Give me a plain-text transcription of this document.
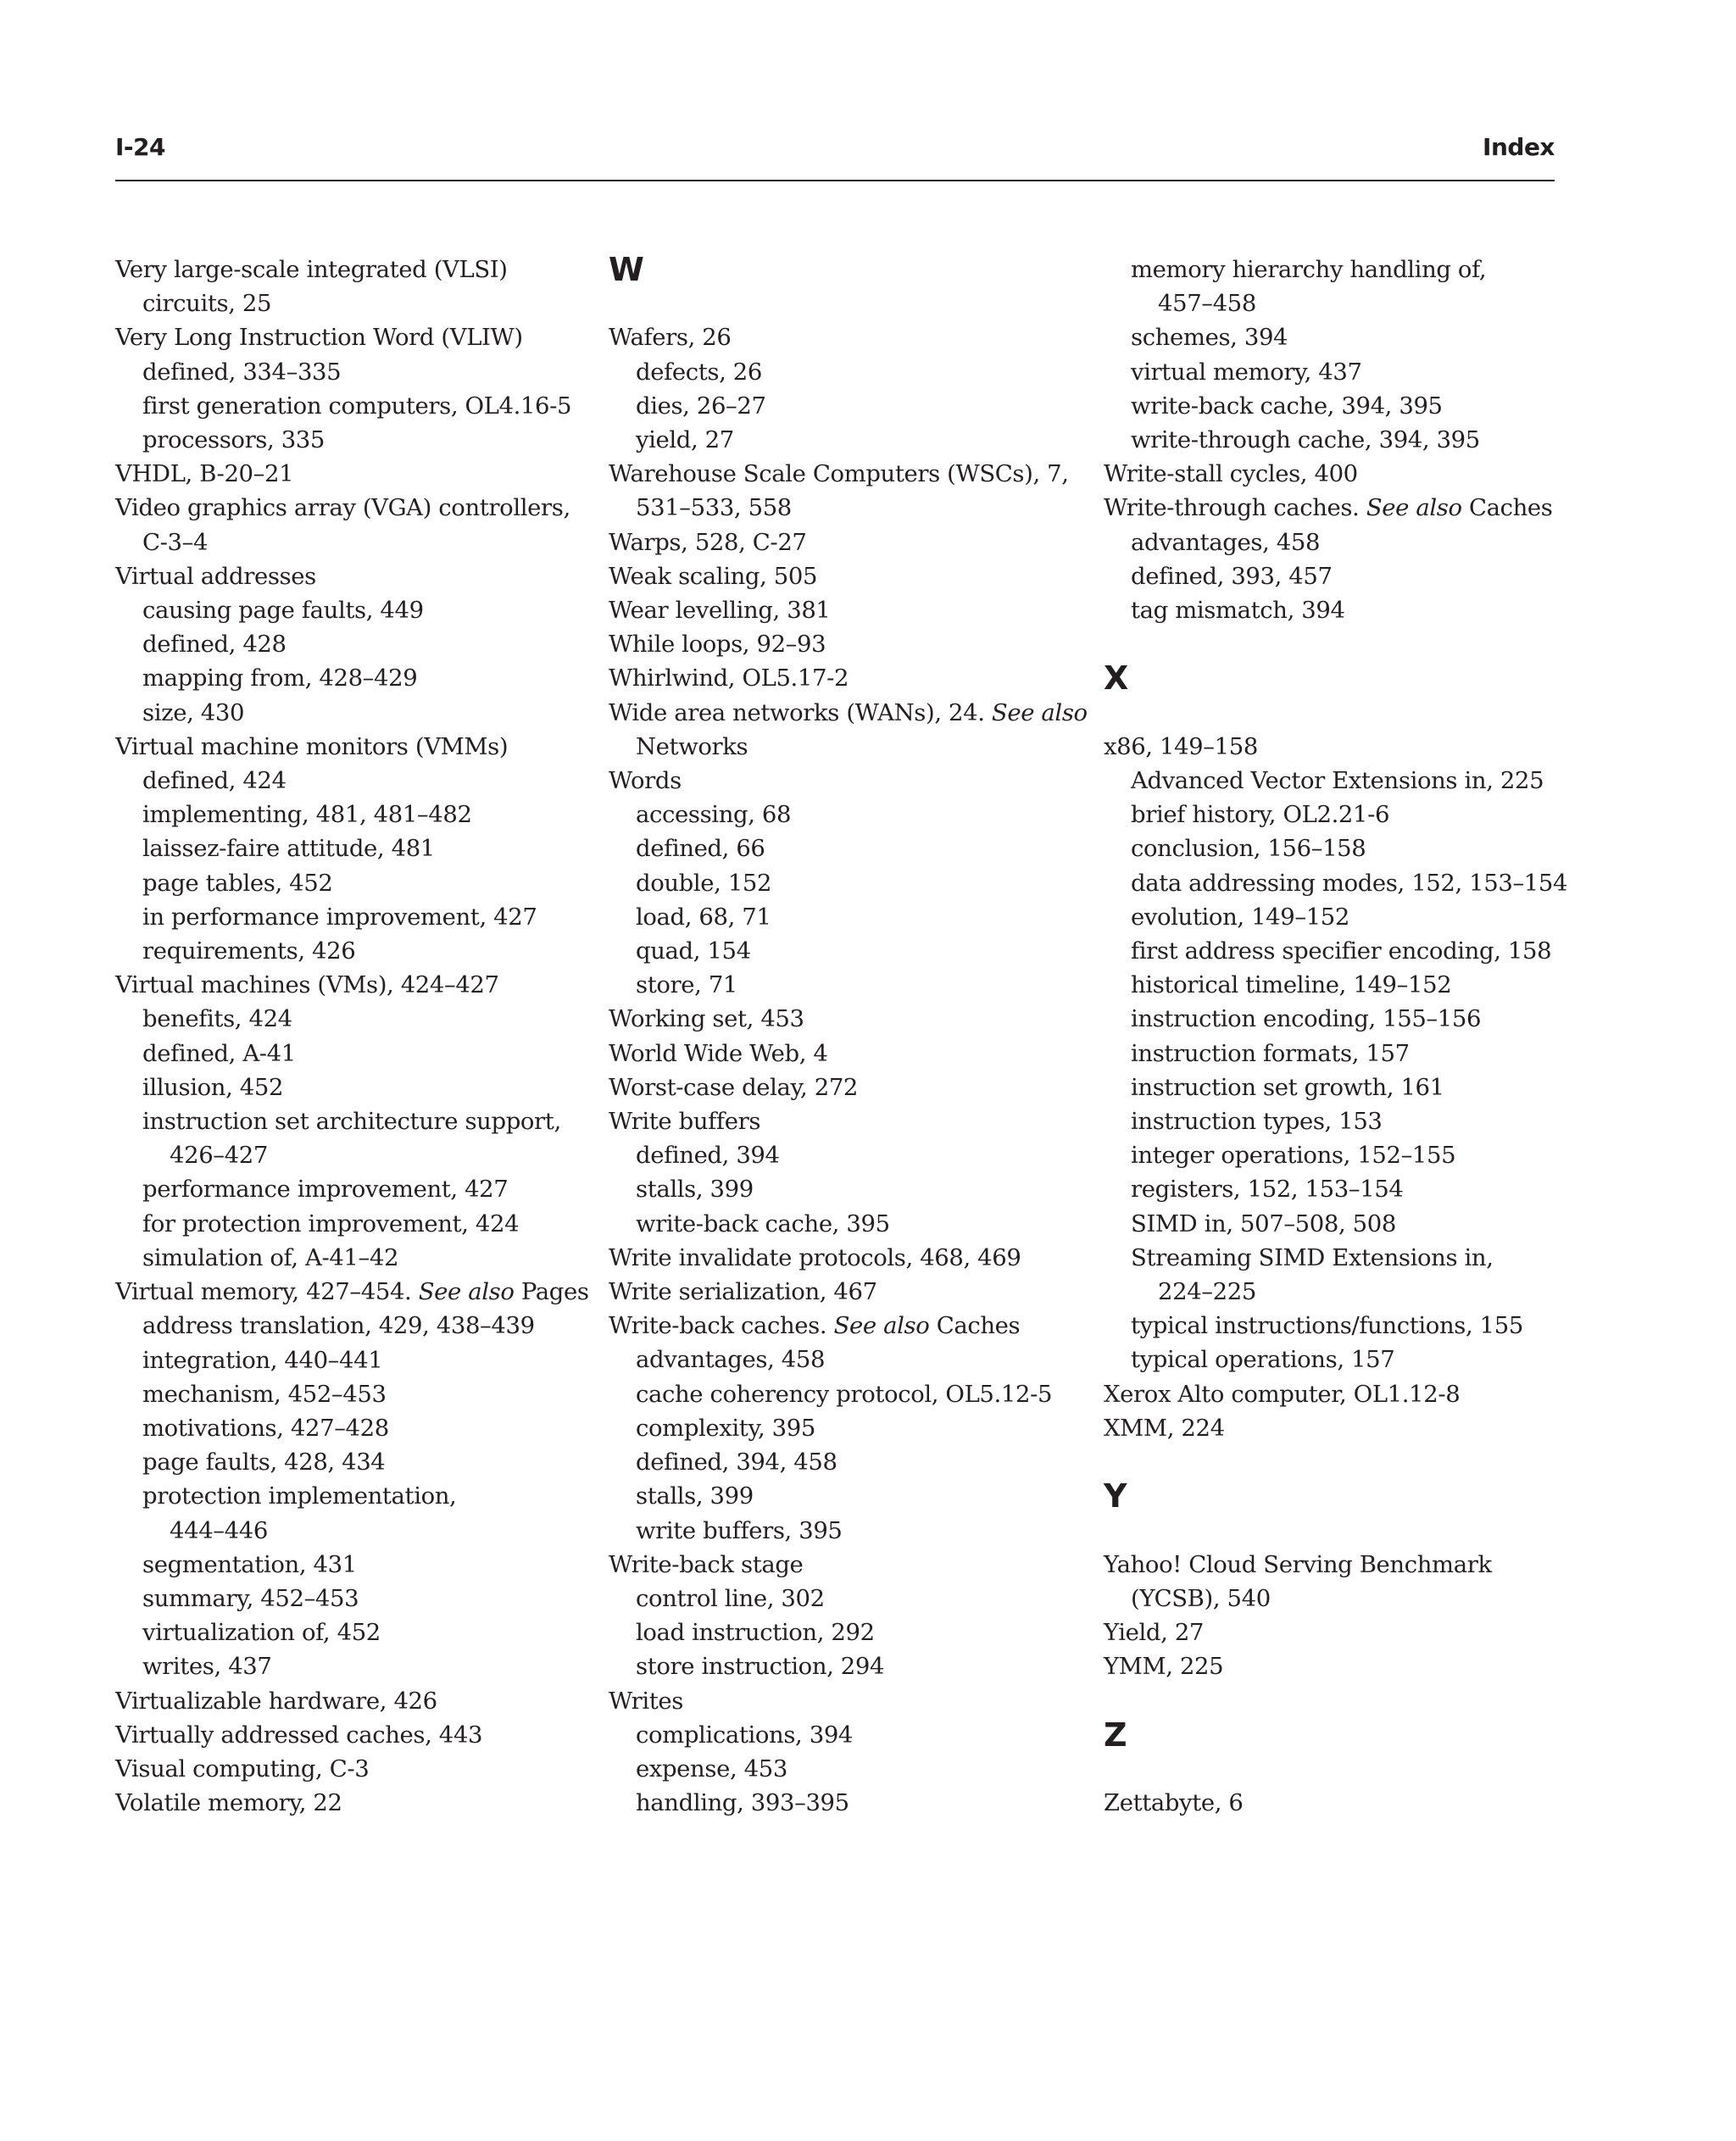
I-24	Index
Very large-scale integrated (VLSI)
circuits, 25
Very Long Instruction Word (VLIW)
defined, 334–335
first generation computers, OL4.16-5
processors, 335
VHDL, B-20–21
Video graphics array (VGA) controllers,
C-3–4
Virtual addresses
causing page faults, 449
defined, 428
mapping from, 428–429
size, 430
Virtual machine monitors (VMMs)
defined, 424
implementing, 481, 481–482
laissez-faire attitude, 481
page tables, 452
in performance improvement, 427
requirements, 426
Virtual machines (VMs), 424–427
benefits, 424
defined, A-41
illusion, 452
instruction set architecture support,
426–427
performance improvement, 427
for protection improvement, 424
simulation of, A-41–42
Virtual memory, 427–454. See also Pages
address translation, 429, 438–439
integration, 440–441
mechanism, 452–453
motivations, 427–428
page faults, 428, 434
protection implementation,
444–446
segmentation, 431
summary, 452–453
virtualization of, 452
writes, 437
Virtualizable hardware, 426
Virtually addressed caches, 443
Visual computing, C-3
Volatile memory, 22
W
Wafers, 26
defects, 26
dies, 26–27
yield, 27
Warehouse Scale Computers (WSCs), 7,
531–533, 558
Warps, 528, C-27
Weak scaling, 505
Wear levelling, 381
While loops, 92–93
Whirlwind, OL5.17-2
Wide area networks (WANs), 24. See also
Networks
Words
accessing, 68
defined, 66
double, 152
load, 68, 71
quad, 154
store, 71
Working set, 453
World Wide Web, 4
Worst-case delay, 272
Write buffers
defined, 394
stalls, 399
write-back cache, 395
Write invalidate protocols, 468, 469
Write serialization, 467
Write-back caches. See also Caches
advantages, 458
cache coherency protocol, OL5.12-5
complexity, 395
defined, 394, 458
stalls, 399
write buffers, 395
Write-back stage
control line, 302
load instruction, 292
store instruction, 294
Writes
complications, 394
expense, 453
handling, 393–395
memory hierarchy handling of,
457–458
schemes, 394
virtual memory, 437
write-back cache, 394, 395
write-through cache, 394, 395
Write-stall cycles, 400
Write-through caches. See also Caches
advantages, 458
defined, 393, 457
tag mismatch, 394
X
x86, 149–158
Advanced Vector Extensions in, 225
brief history, OL2.21-6
conclusion, 156–158
data addressing modes, 152, 153–154
evolution, 149–152
first address specifier encoding, 158
historical timeline, 149–152
instruction encoding, 155–156
instruction formats, 157
instruction set growth, 161
instruction types, 153
integer operations, 152–155
registers, 152, 153–154
SIMD in, 507–508, 508
Streaming SIMD Extensions in,
224–225
typical instructions/functions, 155
typical operations, 157
Xerox Alto computer, OL1.12-8
XMM, 224
Y
Yahoo! Cloud Serving Benchmark
(YCSB), 540
Yield, 27
YMM, 225
Z
Zettabyte, 6
